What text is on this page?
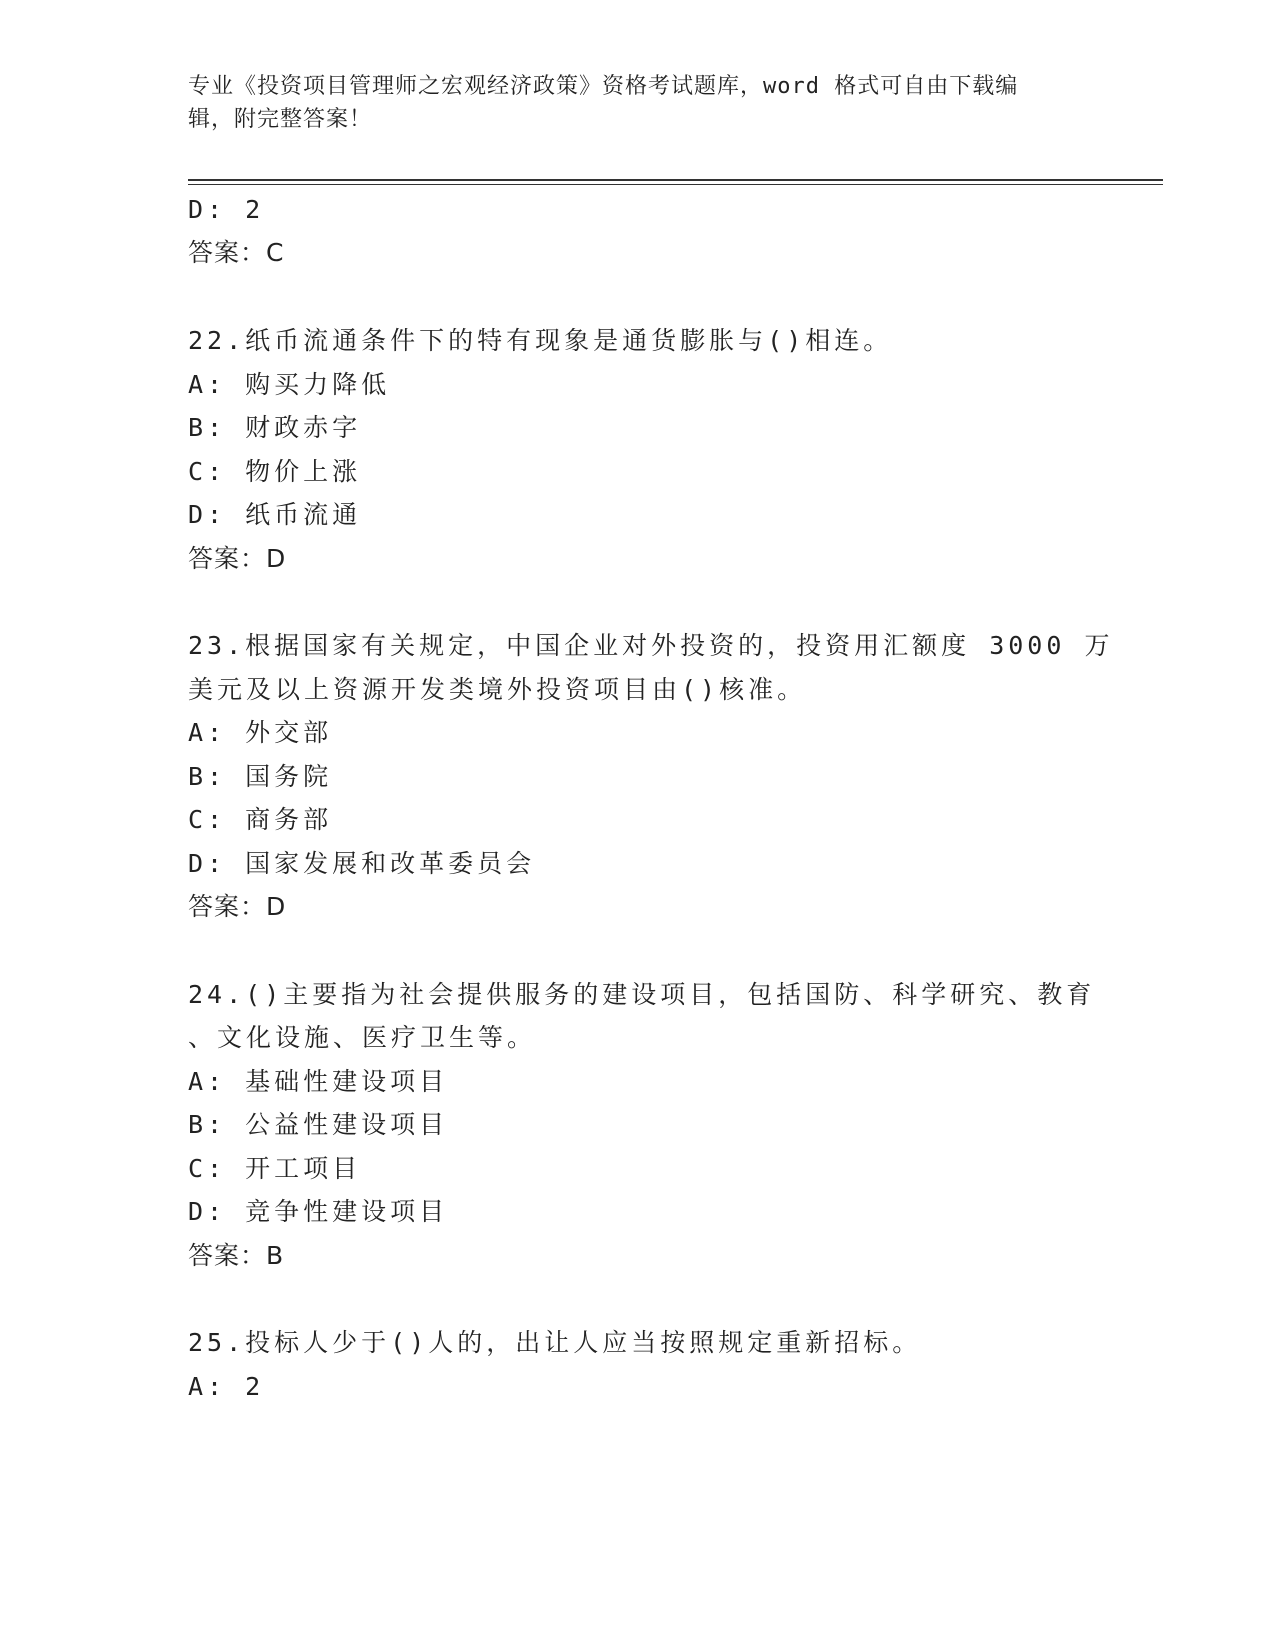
专业《投资项目管理师之宏观经济政策》资格考试题库，word 格式可自由下载编
辑，附完整答案！
D: 2
答案：C
22.纸币流通条件下的特有现象是通货膨胀与()相连。
A: 购买力降低
B: 财政赤字
C: 物价上涨
D: 纸币流通
答案：D
23.根据国家有关规定，中国企业对外投资的，投资用汇额度 3000 万
美元及以上资源开发类境外投资项目由()核准。
A: 外交部
B: 国务院
C: 商务部
D: 国家发展和改革委员会
答案：D
24.()主要指为社会提供服务的建设项目，包括国防、科学研究、教育
、文化设施、医疗卫生等。
A: 基础性建设项目
B: 公益性建设项目
C: 开工项目
D: 竞争性建设项目
答案：B
25.投标人少于()人的，出让人应当按照规定重新招标。
A: 2
